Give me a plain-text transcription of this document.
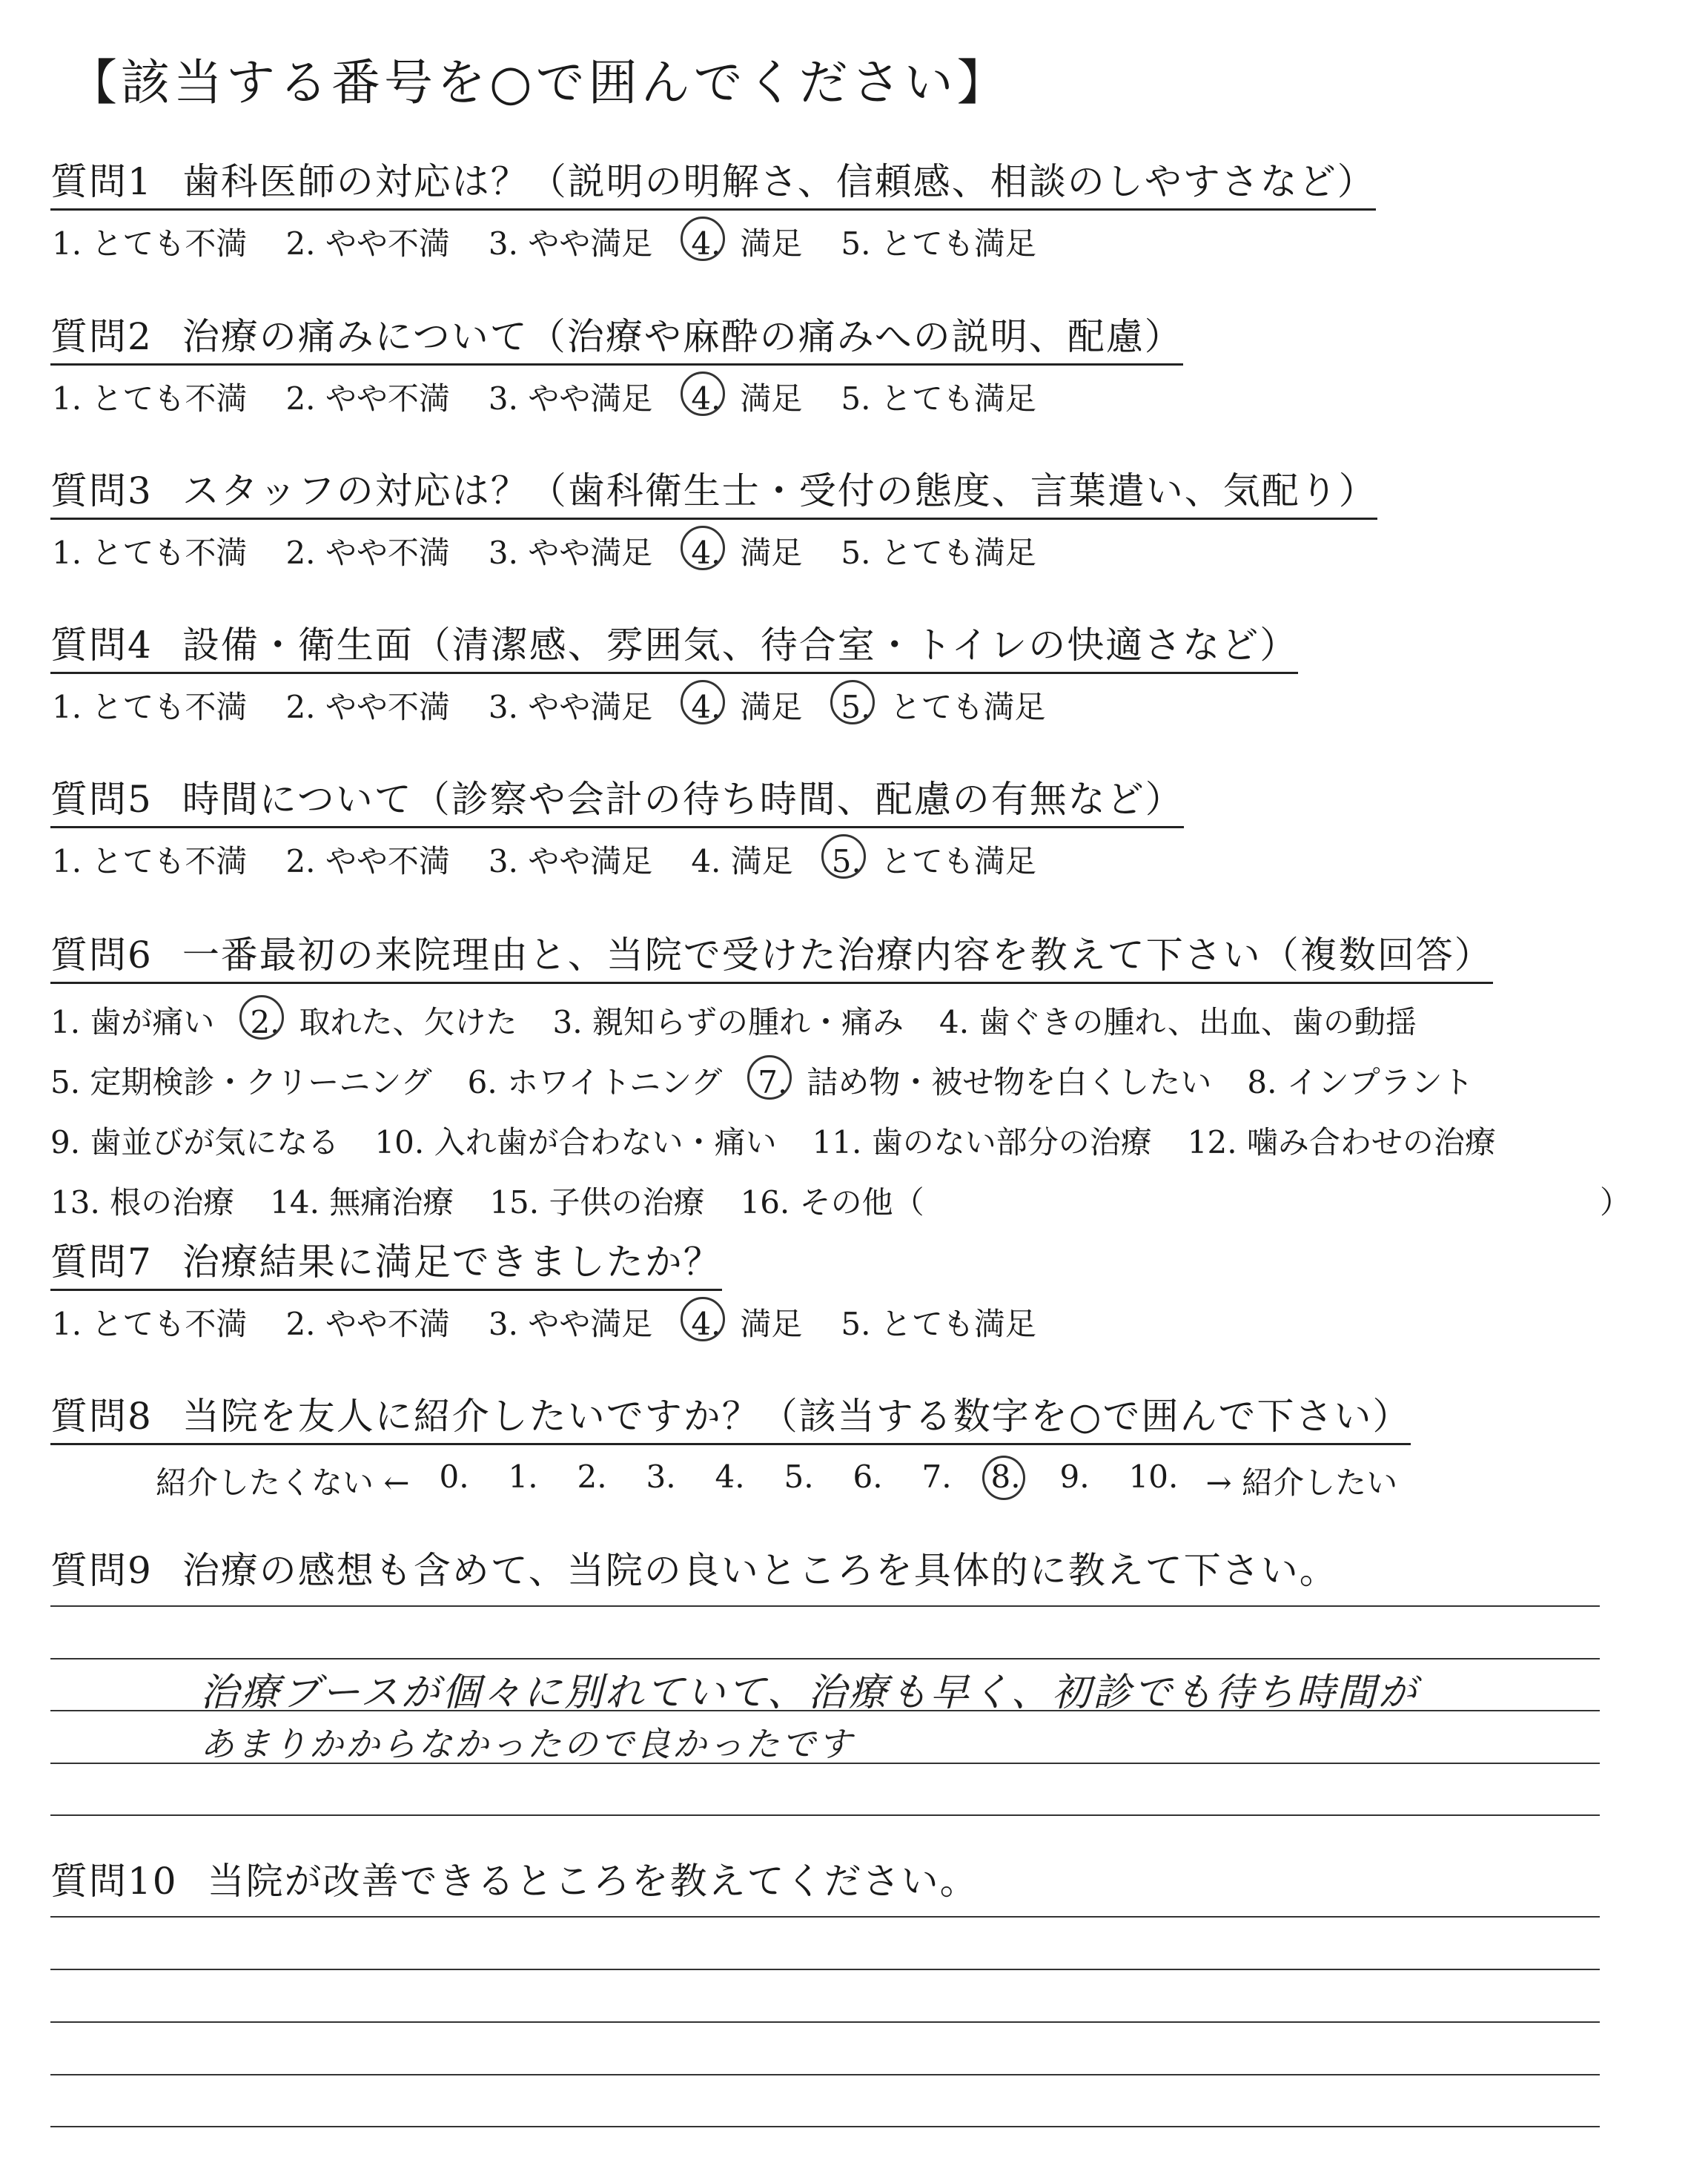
【該当する番号を○で囲んでください】
質問1 歯科医師の対応は？（説明の明解さ、信頼感、相談のしやすさなど）
1. とても不満 2. やや不満 3. やや満足 4. 満足 5. とても満足
質問2 治療の痛みについて（治療や麻酔の痛みへの説明、配慮）
1. とても不満 2. やや不満 3. やや満足 4. 満足 5. とても満足
質問3 スタッフの対応は？（歯科衛生士・受付の態度、言葉遣い、気配り）
1. とても不満 2. やや不満 3. やや満足 4. 満足 5. とても満足
質問4 設備・衛生面（清潔感、雰囲気、待合室・トイレの快適さなど）
1. とても不満 2. やや不満 3. やや満足 4. 満足 5. とても満足
質問5 時間について（診察や会計の待ち時間、配慮の有無など）
1. とても不満 2. やや不満 3. やや満足 4. 満足 5. とても満足
質問6 一番最初の来院理由と、当院で受けた治療内容を教えて下さい（複数回答）
1. 歯が痛い 2. 取れた、欠けた 3. 親知らずの腫れ・痛み 4. 歯ぐきの腫れ、出血、歯の動揺
5. 定期検診・クリーニング 6. ホワイトニング 7. 詰め物・被せ物を白くしたい 8. インプラント
9. 歯並びが気になる 10. 入れ歯が合わない・痛い 11. 歯のない部分の治療 12. 噛み合わせの治療
13. 根の治療 14. 無痛治療 15. 子供の治療 16. その他（	）
質問7 治療結果に満足できましたか？
1. とても不満 2. やや不満 3. やや満足 4. 満足 5. とても満足
質問8 当院を友人に紹介したいですか？（該当する数字を○で囲んで下さい）
紹介したくない ← 0.	1.	2.	3.	4.	5.	6.	7.	8.	9.	10. → 紹介したい
質問9 治療の感想も含めて、当院の良いところを具体的に教えて下さい。
治療ブースが個々に別れていて、治療も早く、初診でも待ち時間が
あまりかからなかったので良かったです
質問10 当院が改善できるところを教えてください。
